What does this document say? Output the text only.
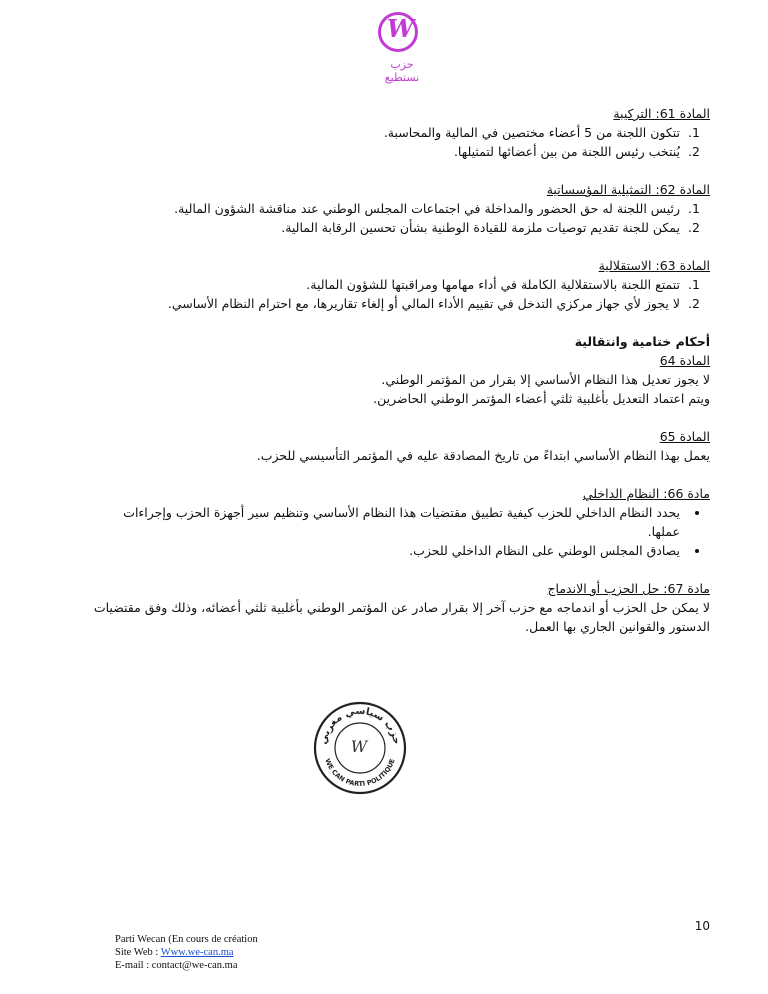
W
حزب نستطيع
المادة 61: التركيبة
1. تتكون اللجنة من 5 أعضاء مختصين في المالية والمحاسبة.
2. يُنتخب رئيس اللجنة من بين أعضائها لتمثيلها.
المادة 62: التمثيلية المؤسساتية
1. رئيس اللجنة له حق الحضور والمداخلة في اجتماعات المجلس الوطني عند مناقشة الشؤون المالية.
2. يمكن للجنة تقديم توصيات ملزمة للقيادة الوطنية بشأن تحسين الرقابة المالية.
المادة 63: الاستقلالية
1. تتمتع اللجنة بالاستقلالية الكاملة في أداء مهامها ومراقبتها للشؤون المالية.
2. لا يجوز لأي جهاز مركزي التدخل في تقييم الأداء المالي أو إلغاء تقاريرها، مع احترام النظام الأساسي.
أحكام ختامية وانتقالية
المادة 64
لا يجوز تعديل هذا النظام الأساسي إلا بقرار من المؤتمر الوطني.
ويتم اعتماد التعديل بأغلبية ثلثي أعضاء المؤتمر الوطني الحاضرين.
المادة 65
يعمل بهذا النظام الأساسي ابتداءً من تاريخ المصادقة عليه في المؤتمر التأسيسي للحزب.
مادة 66: النظام الداخلي
• يحدد النظام الداخلي للحزب كيفية تطبيق مقتضيات هذا النظام الأساسي وتنظيم سير أجهزة الحزب وإجراءات عملها.
• يصادق المجلس الوطني على النظام الداخلي للحزب.
مادة 67: حل الحزب أو الاندماج
لا يمكن حل الحزب أو اندماجه مع حزب آخر إلا بقرار صادر عن المؤتمر الوطني بأغلبية ثلثي أعضائه، وذلك وفق مقتضيات الدستور والقوانين الجاري بها العمل.
حزب سياسي مغربي
WE CAN PARTI POLITIQUE
W
10
Parti Wecan (En cours de création
Site Web : Www.we-can.ma
E-mail : contact@we-can.ma
